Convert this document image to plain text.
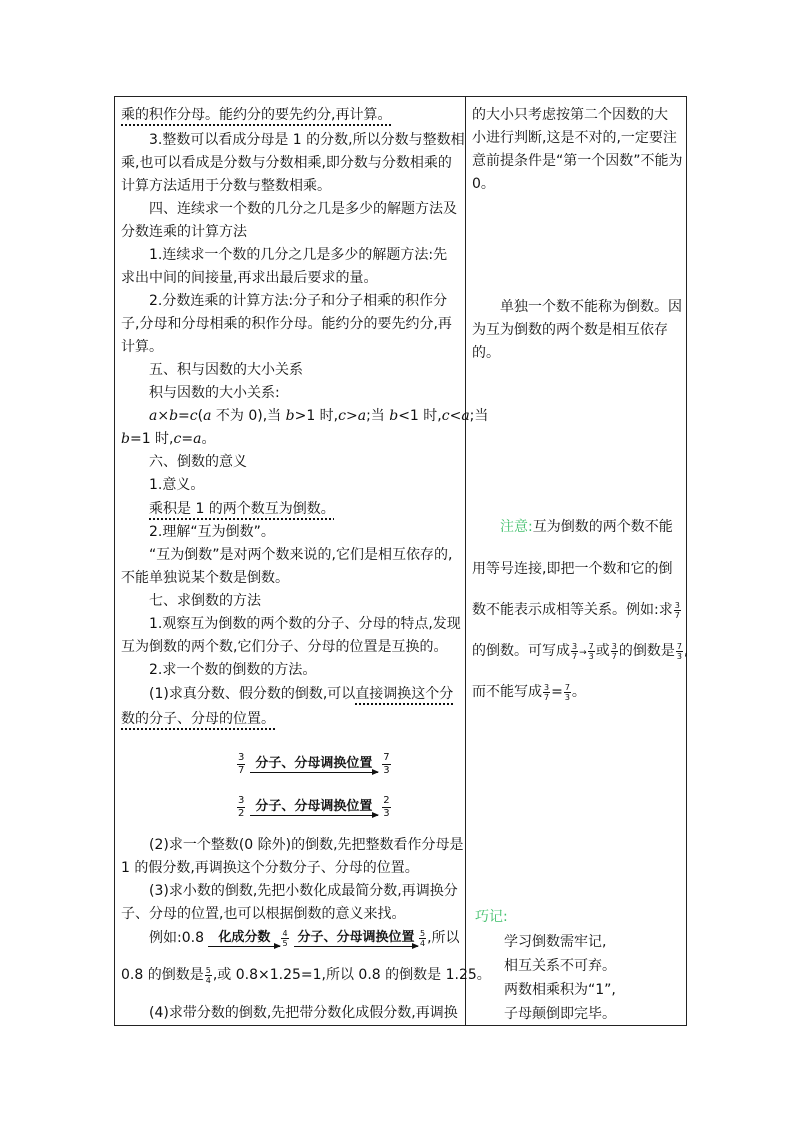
乘的积作分母。能约分的要先约分,再计算。
3.整数可以看成分母是 1 的分数,所以分数与整数相
乘,也可以看成是分数与分数相乘,即分数与分数相乘的
计算方法适用于分数与整数相乘。
四、连续求一个数的几分之几是多少的解题方法及
分数连乘的计算方法
1.连续求一个数的几分之几是多少的解题方法:先
求出中间的间接量,再求出最后要求的量。
2.分数连乘的计算方法:分子和分子相乘的积作分
子,分母和分母相乘的积作分母。能约分的要先约分,再
计算。
五、积与因数的大小关系
积与因数的大小关系:
a×b=c(a 不为 0),当 b>1 时,c>a;当 b<1 时,c<a;当
b=1 时,c=a。
六、倒数的意义
1.意义。
乘积是 1 的两个数互为倒数。
2.理解“互为倒数”。
“互为倒数”是对两个数来说的,它们是相互依存的,
不能单独说某个数是倒数。
七、求倒数的方法
1.观察互为倒数的两个数的分子、分母的特点,发现
互为倒数的两个数,它们分子、分母的位置是互换的。
2.求一个数的倒数的方法。
(1)求真分数、假分数的倒数,可以直接调换这个分
数的分子、分母的位置。
$\frac{3}{7}$ 分子、分母调换位置
$\frac{7}{3}$
$\frac{3}{2}$ 分子、分母调换位置
$\frac{2}{3}$
(2)求一个整数(0 除外)的倒数,先把整数看作分母是
1 的假分数,再调换这个分数分子、分母的位置。
(3)求小数的倒数,先把小数化成最简分数,再调换分
子、分母的位置,也可以根据倒数的意义来找。
例如:0.8	化成分数	$\frac{4}{5}$
分子、分母调换位置 $\frac{5}{4}$ ,所以
0.8 的倒数是 $\frac{5}{4}$ ,或 0.8×1.25=1,所以 0.8 的倒数是 1.25。
(4)求带分数的倒数,先把带分数化成假分数,再调换
的大小只考虑按第二个因数的大
小进行判断,这是不对的,一定要注
意前提条件是“第一个因数”不能为
0。
单独一个数不能称为倒数。因
为互为倒数的两个数是相互依存
的。
注意:互为倒数的两个数不能
用等号连接,即把一个数和它的倒
数不能表示成相等关系。例如:求 $\frac{3}{7}$
的倒数。可写成 $\frac{3}{7} \to \frac{7}{3}$ 或 $\frac{3}{7}$ 的倒数是 $\frac{7}{3}$ ,
而不能写成 $\frac{3}{7} = \frac{7}{3}$ 。
巧记:
学习倒数需牢记,
相互关系不可弃。
两数相乘积为“1”,
子母颠倒即完毕。
